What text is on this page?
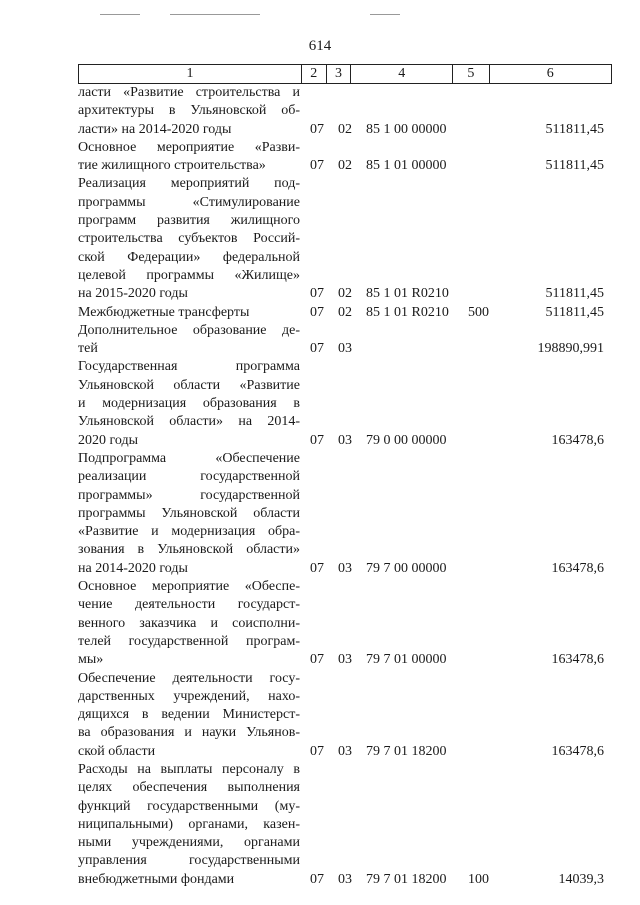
614
1	2	3	4	5	6
ласти «Развитие строительства и
архитектуры в Ульяновской об-
ласти» на 2014-2020 годы	07 02 85 1 00 00000	511811,45
Основное мероприятие «Разви-
тие жилищного строительства»	07 02 85 1 01 00000	511811,45
Реализация мероприятий под-
программы «Стимулирование
программ развития жилищного
строительства субъектов Россий-
ской Федерации» федеральной
целевой программы «Жилище»
на 2015-2020 годы	07 02 85 1 01 R0210	511811,45
Межбюджетные трансферты	07 02 85 1 01 R0210 500	511811,45
Дополнительное образование де-
тей	07 03	198890,991
Государственная программа
Ульяновской области «Развитие
и модернизация образования в
Ульяновской области» на 2014-
2020 годы	07 03 79 0 00 00000	163478,6
Подпрограмма «Обеспечение
реализации государственной
программы» государственной
программы Ульяновской области
«Развитие и модернизация обра-
зования в Ульяновской области»
на 2014-2020 годы	07 03 79 7 00 00000	163478,6
Основное мероприятие «Обеспе-
чение деятельности государст-
венного заказчика и соисполни-
телей государственной програм-
мы»	07 03 79 7 01 00000	163478,6
Обеспечение деятельности госу-
дарственных учреждений, нахо-
дящихся в ведении Министерст-
ва образования и науки Ульянов-
ской области	07 03 79 7 01 18200	163478,6
Расходы на выплаты персоналу в
целях обеспечения выполнения
функций государственными (му-
ниципальными) органами, казен-
ными учреждениями, органами
управления государственными
внебюджетными фондами	07 03 79 7 01 18200 100	14039,3
